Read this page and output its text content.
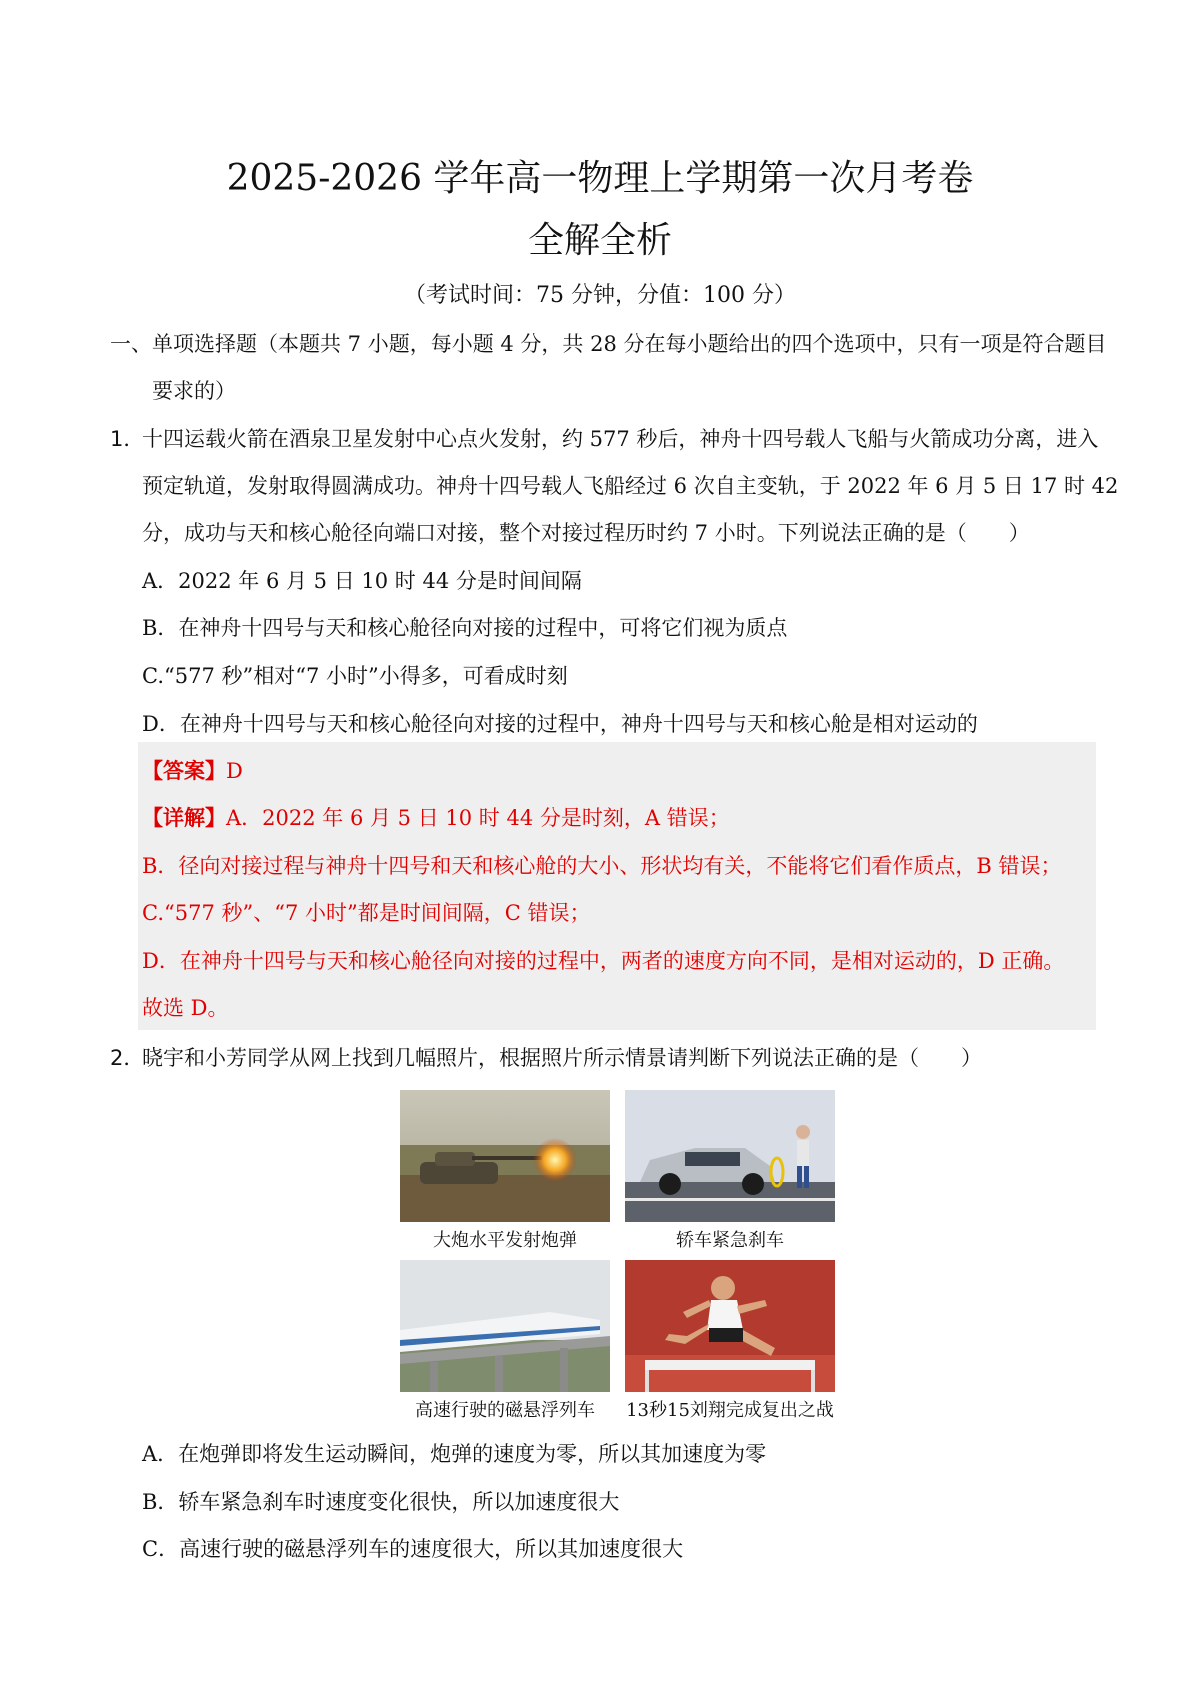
2025-2026 学年高一物理上学期第一次月考卷
全解全析
（考试时间：75 分钟，分值：100 分）
一、单项选择题（本题共 7 小题，每小题 4 分，共 28 分在每小题给出的四个选项中，只有一项是符合题目
要求的）
1．
十四运载火箭在酒泉卫星发射中心点火发射，约 577 秒后，神舟十四号载人飞船与火箭成功分离，进入
预定轨道，发射取得圆满成功。神舟十四号载人飞船经过 6 次自主变轨，于 2022 年 6 月 5 日 17 时 42
分，成功与天和核心舱径向端口对接，整个对接过程历时约 7 小时。下列说法正确的是（　　）
A．2022 年 6 月 5 日 10 时 44 分是时间间隔
B．在神舟十四号与天和核心舱径向对接的过程中，可将它们视为质点
C.“577 秒”相对“7 小时”小得多，可看成时刻
D．在神舟十四号与天和核心舱径向对接的过程中，神舟十四号与天和核心舱是相对运动的
【答案】D
【详解】A．2022 年 6 月 5 日 10 时 44 分是时刻，A 错误；
B．径向对接过程与神舟十四号和天和核心舱的大小、形状均有关，不能将它们看作质点，B 错误；
C.“577 秒”、“7 小时”都是时间间隔，C 错误；
D．在神舟十四号与天和核心舱径向对接的过程中，两者的速度方向不同，是相对运动的，D 正确。
故选 D。
2．
晓宇和小芳同学从网上找到几幅照片，根据照片所示情景请判断下列说法正确的是（　　）
大炮水平发射炮弹	轿车紧急刹车
高速行驶的磁悬浮列车	13秒15刘翔完成复出之战
A．在炮弹即将发生运动瞬间，炮弹的速度为零，所以其加速度为零
B．轿车紧急刹车时速度变化很快，所以加速度很大
C．高速行驶的磁悬浮列车的速度很大，所以其加速度很大
